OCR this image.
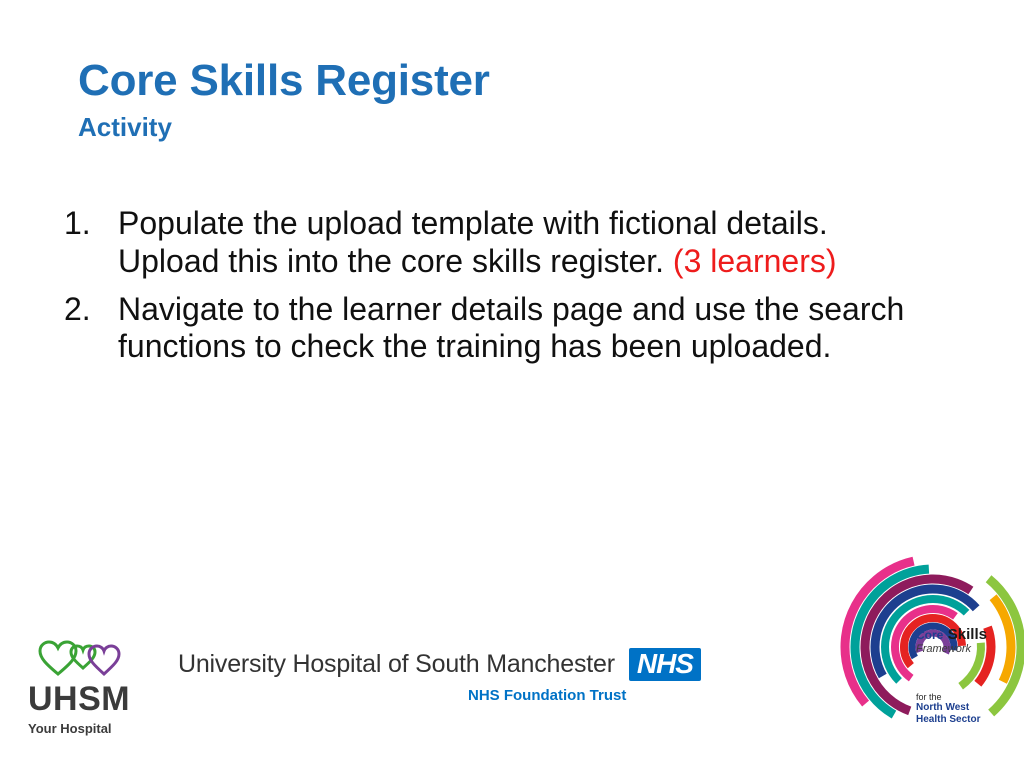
Core Skills Register
Activity
1. Populate the upload template with fictional details. Upload this into the core skills register. (3 learners)
2. Navigate to the learner details page and use the search functions to check the training has been uploaded.
UHSM
Your Hospital
University Hospital of South Manchester NHS
NHS Foundation Trust
Core Skills
Framework
for the
North West
Health Sector
